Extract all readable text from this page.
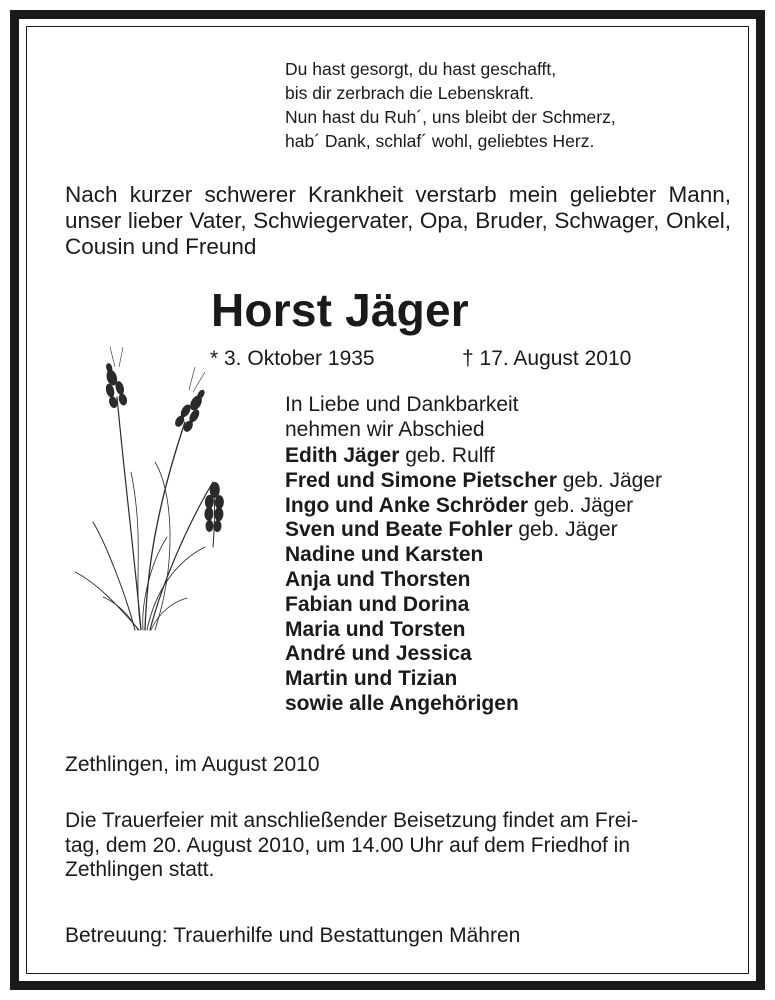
Du hast gesorgt, du hast geschafft,
bis dir zerbrach die Lebenskraft.
Nun hast du Ruh´, uns bleibt der Schmerz,
hab´ Dank, schlaf´ wohl, geliebtes Herz.

Nach kurzer schwerer Krankheit verstarb mein geliebter Mann, unser lieber Vater, Schwiegervater, Opa, Bruder, Schwager, Onkel, Cousin und Freund

Horst Jäger
* 3. Oktober 1935	† 17. August 2010
In Liebe und Dankbarkeit
nehmen wir Abschied
Edith Jäger geb. Rulff
Fred und Simone Pietscher geb. Jäger
Ingo und Anke Schröder geb. Jäger
Sven und Beate Fohler geb. Jäger
Nadine und Karsten
Anja und Thorsten
Fabian und Dorina
Maria und Torsten
André und Jessica
Martin und Tizian
sowie alle Angehörigen
Zethlingen, im August 2010
Die Trauerfeier mit anschließender Beisetzung findet am Frei-
tag, dem 20. August 2010, um 14.00 Uhr auf dem Friedhof in
Zethlingen statt.
Betreuung: Trauerhilfe und Bestattungen Mähren
